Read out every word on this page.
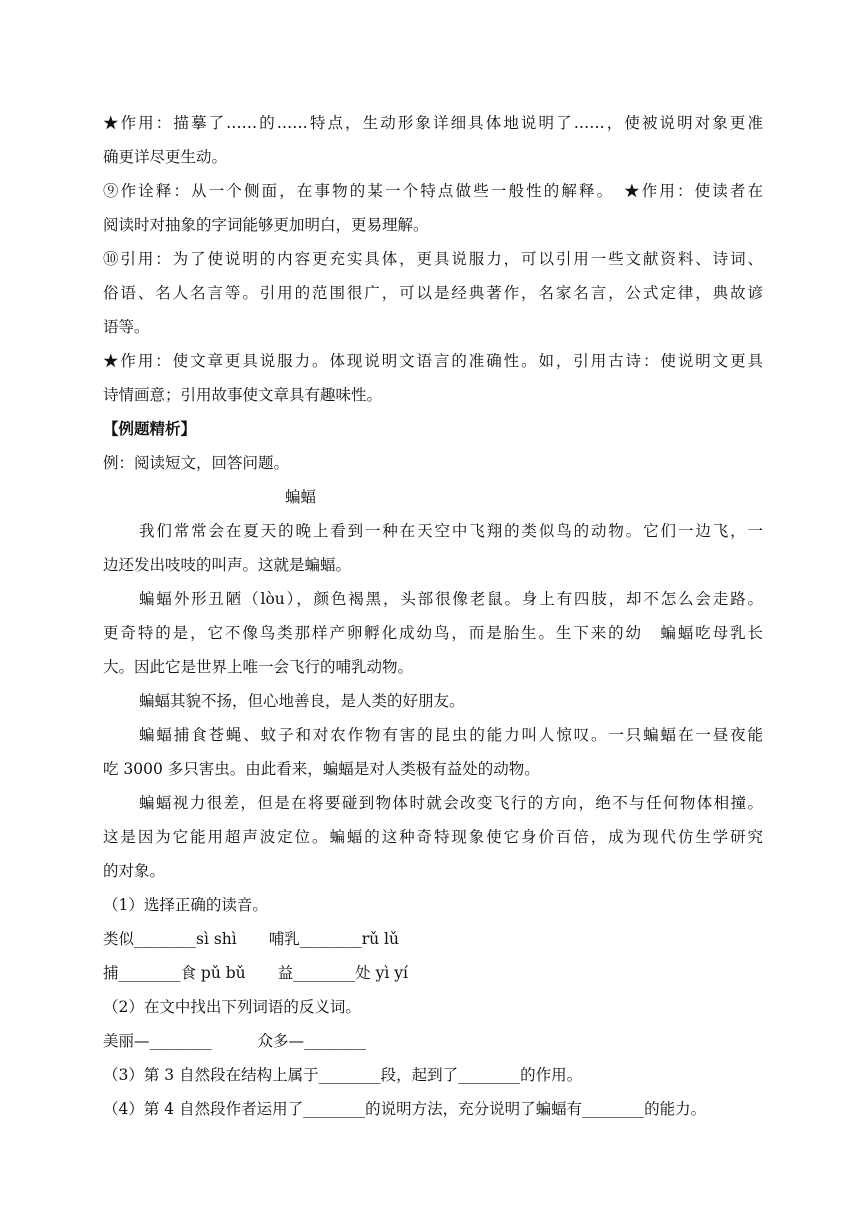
★作用：描摹了……的……特点，生动形象详细具体地说明了……，使被说明对象更准
确更详尽更生动。
⑨作诠释：从一个侧面，在事物的某一个特点做些一般性的解释。　★作用：使读者在
阅读时对抽象的字词能够更加明白，更易理解。
⑩引用：为了使说明的内容更充实具体，更具说服力，可以引用一些文献资料、诗词、
俗语、名人名言等。引用的范围很广，可以是经典著作，名家名言，公式定律，典故谚
语等。
★作用：使文章更具说服力。体现说明文语言的准确性。如，引用古诗：使说明文更具
诗情画意；引用故事使文章具有趣味性。
【例题精析】
例：阅读短文，回答问题。
蝙蝠
我们常常会在夏天的晚上看到一种在天空中飞翔的类似鸟的动物。它们一边飞，一
边还发出吱吱的叫声。这就是蝙蝠。
蝙蝠外形丑陋（lòu），颜色褐黑，头部很像老鼠。身上有四肢，却不怎么会走路。
更奇特的是，它不像鸟类那样产卵孵化成幼鸟，而是胎生。生下来的幼　蝙蝠吃母乳长
大。因此它是世界上唯一会飞行的哺乳动物。
蝙蝠其貌不扬，但心地善良，是人类的好朋友。
蝙蝠捕食苍蝇、蚊子和对农作物有害的昆虫的能力叫人惊叹。一只蝙蝠在一昼夜能
吃 3000 多只害虫。由此看来，蝙蝠是对人类极有益处的动物。
蝙蝠视力很差，但是在将要碰到物体时就会改变飞行的方向，绝不与任何物体相撞。
这是因为它能用超声波定位。蝙蝠的这种奇特现象使它身价百倍，成为现代仿生学研究
的对象。
（1）选择正确的读音。
类似________sì shì 哺乳________rǔ lǔ
捕________食 pǔ bǔ 益________处 yì yí
（2）在文中找出下列词语的反义词。
美丽—________	众多—________
（3）第 3 自然段在结构上属于________段，起到了________的作用。
（4）第 4 自然段作者运用了________的说明方法，充分说明了蝙蝠有________的能力。
